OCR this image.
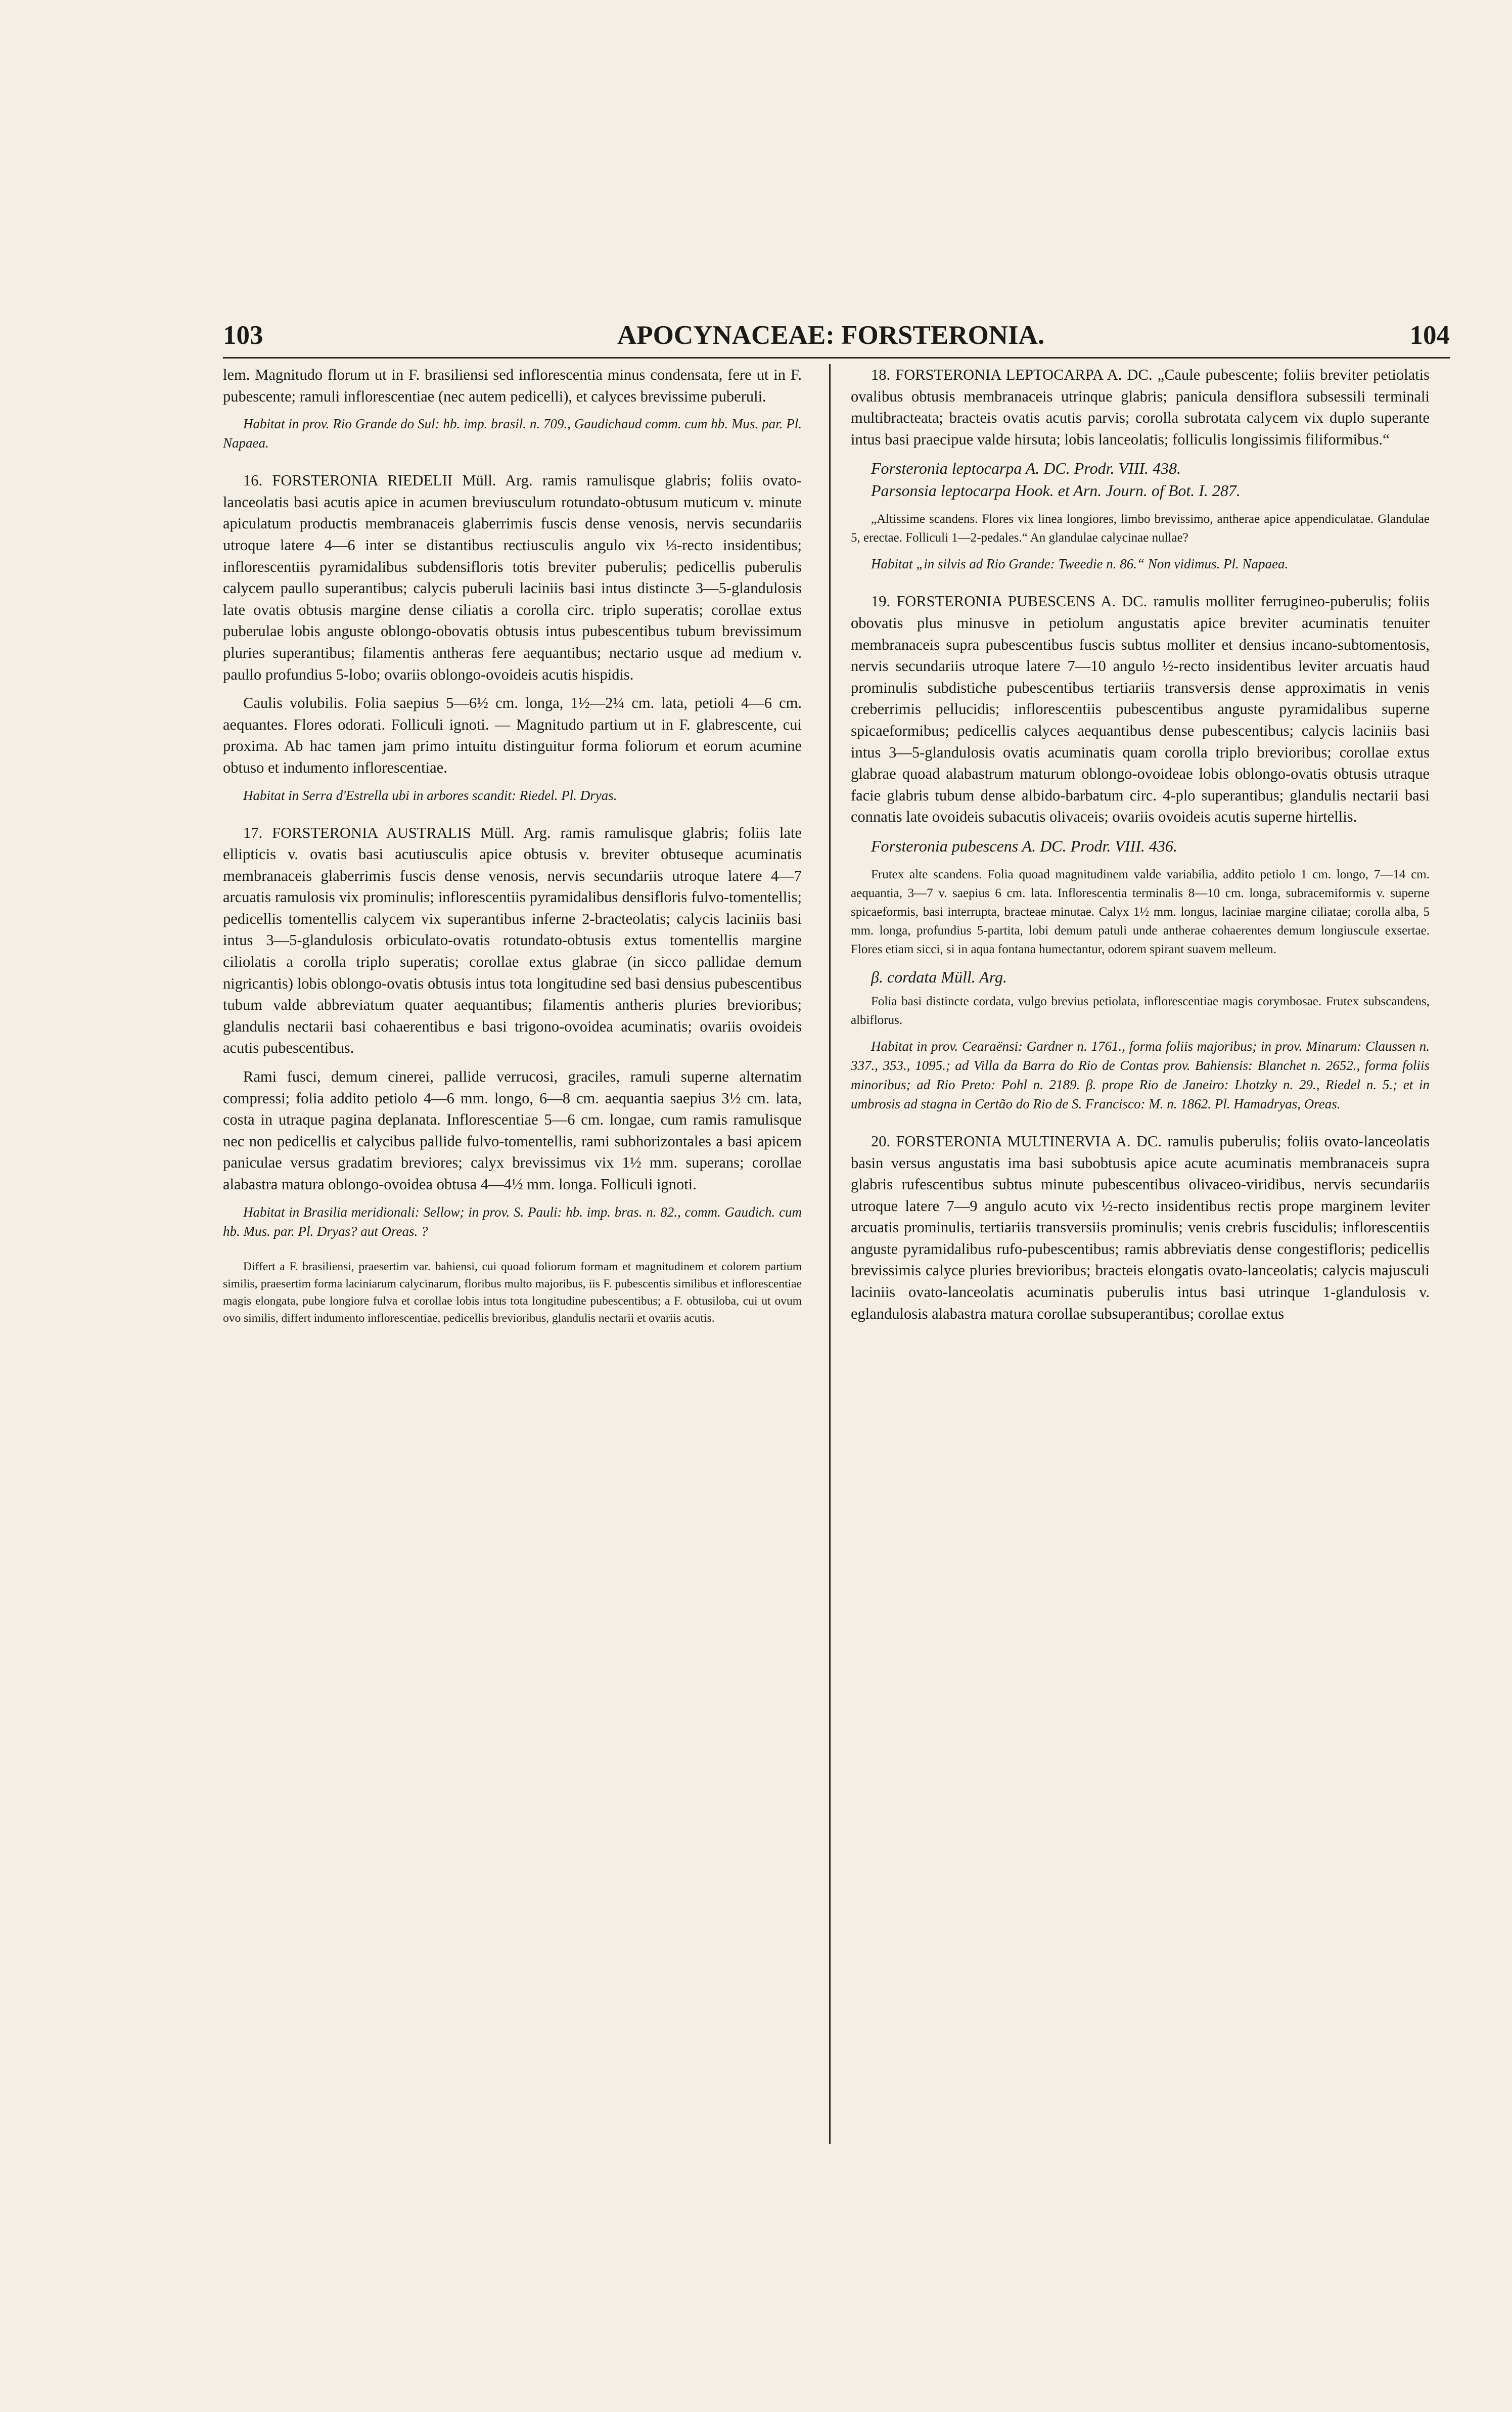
103	APOCYNACEAE: FORSTERONIA.	104

lem. Magnitudo florum ut in F. brasiliensi sed inflorescentia minus condensata, fere ut in F. pubescente; ramuli inflorescentiae (nec autem pedicelli), et calyces brevissime puberuli.

Habitat in prov. Rio Grande do Sul: hb. imp. brasil. n. 709., Gaudichaud comm. cum hb. Mus. par. Pl. Napaea.

16. FORSTERONIA RIEDELII Müll. Arg. ramis ramulisque glabris; foliis ovato-lanceolatis basi acutis apice in acumen breviusculum rotundato-obtusum muticum v. minute apiculatum productis membranaceis glaberrimis fuscis dense venosis, nervis secundariis utroque latere 4—6 inter se distantibus rectiusculis angulo vix ⅓-recto insidentibus; inflorescentiis pyramidalibus subdensifloris totis breviter puberulis; pedicellis puberulis calycem paullo superantibus; calycis puberuli laciniis basi intus distincte 3—5-glandulosis late ovatis obtusis margine dense ciliatis a corolla circ. triplo superatis; corollae extus puberulae lobis anguste oblongo-obovatis obtusis intus pubescentibus tubum brevissimum pluries superantibus; filamentis antheras fere aequantibus; nectario usque ad medium v. paullo profundius 5-lobo; ovariis oblongo-ovoideis acutis hispidis.

Caulis volubilis. Folia saepius 5—6½ cm. longa, 1½—2¼ cm. lata, petioli 4—6 cm. aequantes. Flores odorati. Folliculi ignoti. — Magnitudo partium ut in F. glabrescente, cui proxima. Ab hac tamen jam primo intuitu distinguitur forma foliorum et eorum acumine obtuso et indumento inflorescentiae.

Habitat in Serra d'Estrella ubi in arbores scandit: Riedel. Pl. Dryas.

17. FORSTERONIA AUSTRALIS Müll. Arg. ramis ramulisque glabris; foliis late ellipticis v. ovatis basi acutiusculis apice obtusis v. breviter obtuseque acuminatis membranaceis glaberrimis fuscis dense venosis, nervis secundariis utroque latere 4—7 arcuatis ramulosis vix prominulis; inflorescentiis pyramidalibus densifloris fulvo-tomentellis; pedicellis tomentellis calycem vix superantibus inferne 2-bracteolatis; calycis laciniis basi intus 3—5-glandulosis orbiculato-ovatis rotundato-obtusis extus tomentellis margine ciliolatis a corolla triplo superatis; corollae extus glabrae (in sicco pallidae demum nigricantis) lobis oblongo-ovatis obtusis intus tota longitudine sed basi densius pubescentibus tubum valde abbreviatum quater aequantibus; filamentis antheris pluries brevioribus; glandulis nectarii basi cohaerentibus e basi trigono-ovoidea acuminatis; ovariis ovoideis acutis pubescentibus.

Rami fusci, demum cinerei, pallide verrucosi, graciles, ramuli superne alternatim compressi; folia addito petiolo 4—6 mm. longo, 6—8 cm. aequantia saepius 3½ cm. lata, costa in utraque pagina deplanata. Inflorescentiae 5—6 cm. longae, cum ramis ramulisque nec non pedicellis et calycibus pallide fulvo-tomentellis, rami subhorizontales a basi apicem paniculae versus gradatim breviores; calyx brevissimus vix 1½ mm. superans; corollae alabastra matura oblongo-ovoidea obtusa 4—4½ mm. longa. Folliculi ignoti.

Habitat in Brasilia meridionali: Sellow; in prov. S. Pauli: hb. imp. bras. n. 82., comm. Gaudich. cum hb. Mus. par. Pl. Dryas? aut Oreas. ?

Differt a F. brasiliensi, praesertim var. bahiensi, cui quoad foliorum formam et magnitudinem et colorem partium similis, praesertim forma laciniarum calycinarum, floribus multo majoribus, iis F. pubescentis similibus et inflorescentiae magis elongata, pube longiore fulva et corollae lobis intus tota longitudine pubescentibus; a F. obtusiloba, cui ut ovum ovo similis, differt indumento inflorescentiae, pedicellis brevioribus, glandulis nectarii et ovariis acutis.

18. FORSTERONIA LEPTOCARPA A. DC. „Caule pubescente; foliis breviter petiolatis ovalibus obtusis membranaceis utrinque glabris; panicula densiflora subsessili terminali multibracteata; bracteis ovatis acutis parvis; corolla subrotata calycem vix duplo superante intus basi praecipue valde hirsuta; lobis lanceolatis; folliculis longissimis filiformibus.“

Forsteronia leptocarpa A. DC. Prodr. VIII. 438.

Parsonsia leptocarpa Hook. et Arn. Journ. of Bot. I. 287.

„Altissime scandens. Flores vix linea longiores, limbo brevissimo, antherae apice appendiculatae. Glandulae 5, erectae. Folliculi 1—2-pedales.“ An glandulae calycinae nullae?

Habitat „in silvis ad Rio Grande: Tweedie n. 86.“ Non vidimus. Pl. Napaea.

19. FORSTERONIA PUBESCENS A. DC. ramulis molliter ferrugineo-puberulis; foliis obovatis plus minusve in petiolum angustatis apice breviter acuminatis tenuiter membranaceis supra pubescentibus fuscis subtus molliter et densius incano-subtomentosis, nervis secundariis utroque latere 7—10 angulo ½-recto insidentibus leviter arcuatis haud prominulis subdistiche pubescentibus tertiariis transversis dense approximatis in venis creberrimis pellucidis; inflorescentiis pubescentibus anguste pyramidalibus superne spicaeformibus; pedicellis calyces aequantibus dense pubescentibus; calycis laciniis basi intus 3—5-glandulosis ovatis acuminatis quam corolla triplo brevioribus; corollae extus glabrae quoad alabastrum maturum oblongo-ovoideae lobis oblongo-ovatis obtusis utraque facie glabris tubum dense albido-barbatum circ. 4-plo superantibus; glandulis nectarii basi connatis late ovoideis subacutis olivaceis; ovariis ovoideis acutis superne hirtellis.

Forsteronia pubescens A. DC. Prodr. VIII. 436.

Frutex alte scandens. Folia quoad magnitudinem valde variabilia, addito petiolo 1 cm. longo, 7—14 cm. aequantia, 3—7 v. saepius 6 cm. lata. Inflorescentia terminalis 8—10 cm. longa, subracemiformis v. superne spicaeformis, basi interrupta, bracteae minutae. Calyx 1½ mm. longus, laciniae margine ciliatae; corolla alba, 5 mm. longa, profundius 5-partita, lobi demum patuli unde antherae cohaerentes demum longiuscule exsertae. Flores etiam sicci, si in aqua fontana humectantur, odorem spirant suavem melleum.

β. cordata Müll. Arg.

Folia basi distincte cordata, vulgo brevius petiolata, inflorescentiae magis corymbosae. Frutex subscandens, albiflorus.

Habitat in prov. Cearaënsi: Gardner n. 1761., forma foliis majoribus; in prov. Minarum: Claussen n. 337., 353., 1095.; ad Villa da Barra do Rio de Contas prov. Bahiensis: Blanchet n. 2652., forma foliis minoribus; ad Rio Preto: Pohl n. 2189. β. prope Rio de Janeiro: Lhotzky n. 29., Riedel n. 5.; et in umbrosis ad stagna in Certão do Rio de S. Francisco: M. n. 1862. Pl. Hamadryas, Oreas.

20. FORSTERONIA MULTINERVIA A. DC. ramulis puberulis; foliis ovato-lanceolatis basin versus angustatis ima basi subobtusis apice acute acuminatis membranaceis supra glabris rufescentibus subtus minute pubescentibus olivaceo-viridibus, nervis secundariis utroque latere 7—9 angulo acuto vix ½-recto insidentibus rectis prope marginem leviter arcuatis prominulis, tertiariis transversiis prominulis; venis crebris fuscidulis; inflorescentiis anguste pyramidalibus rufo-pubescentibus; ramis abbreviatis dense congestifloris; pedicellis brevissimis calyce pluries brevioribus; bracteis elongatis ovato-lanceolatis; calycis majusculi laciniis ovato-lanceolatis acuminatis puberulis intus basi utrinque 1-glandulosis v. eglandulosis alabastra matura corollae subsuperantibus; corollae extus
